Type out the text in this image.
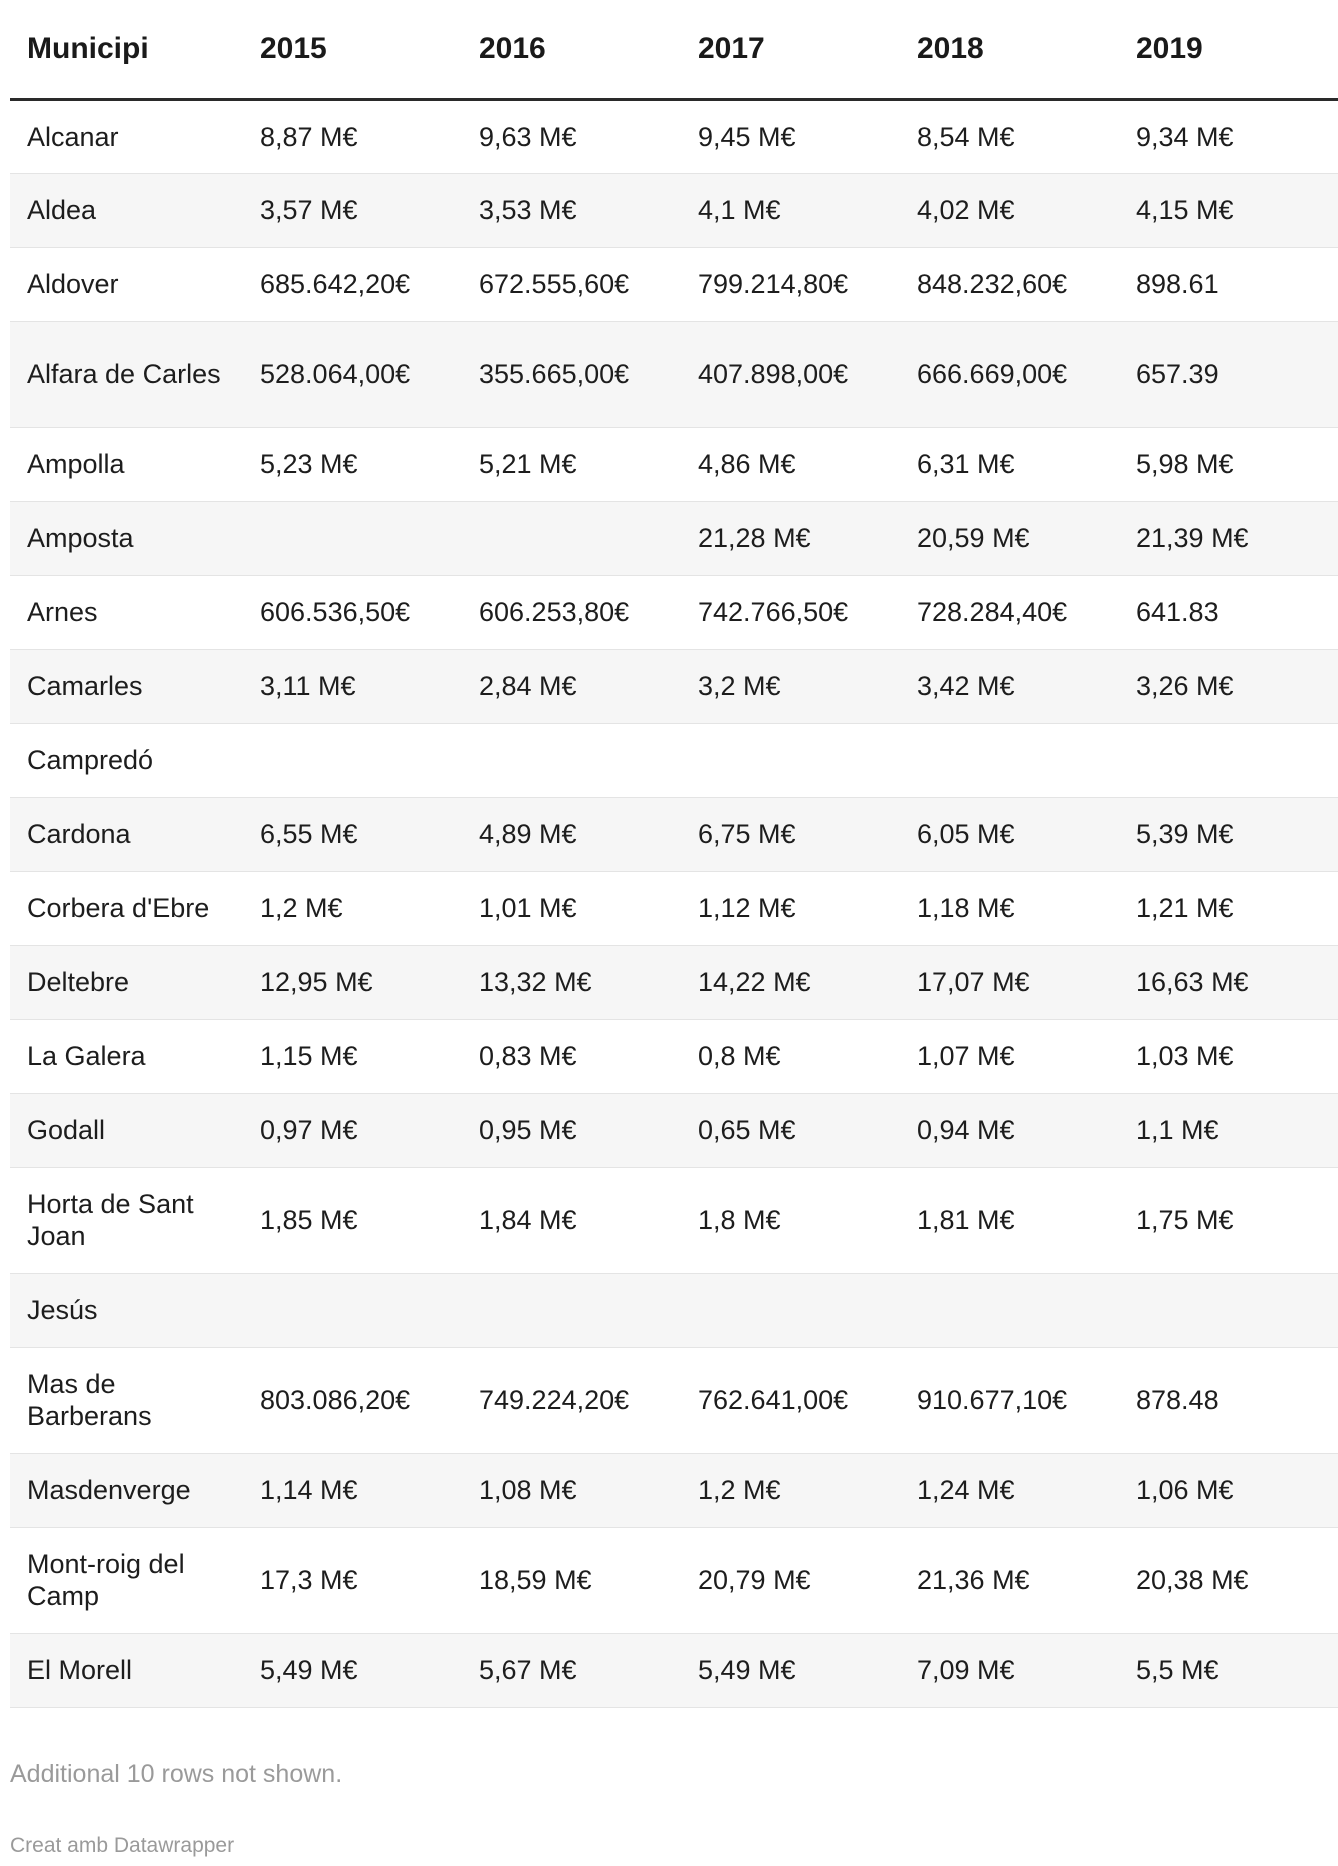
Municipi	2015	2016	2017	2018	2019
Alcanar	8,87 M€	9,63 M€	9,45 M€	8,54 M€	9,34 M€
Aldea	3,57 M€	3,53 M€	4,1 M€	4,02 M€	4,15 M€
Aldover	685.642,20€	672.555,60€	799.214,80€	848.232,60€	898.61
Alfara de Carles	528.064,00€	355.665,00€	407.898,00€	666.669,00€	657.39
Ampolla	5,23 M€	5,21 M€	4,86 M€	6,31 M€	5,98 M€
Amposta			21,28 M€	20,59 M€	21,39 M€
Arnes	606.536,50€	606.253,80€	742.766,50€	728.284,40€	641.83
Camarles	3,11 M€	2,84 M€	3,2 M€	3,42 M€	3,26 M€
Campredó					
Cardona	6,55 M€	4,89 M€	6,75 M€	6,05 M€	5,39 M€
Corbera d'Ebre	1,2 M€	1,01 M€	1,12 M€	1,18 M€	1,21 M€
Deltebre	12,95 M€	13,32 M€	14,22 M€	17,07 M€	16,63 M€
La Galera	1,15 M€	0,83 M€	0,8 M€	1,07 M€	1,03 M€
Godall	0,97 M€	0,95 M€	0,65 M€	0,94 M€	1,1 M€
Horta de Sant Joan	1,85 M€	1,84 M€	1,8 M€	1,81 M€	1,75 M€
Jesús					
Mas de Barberans	803.086,20€	749.224,20€	762.641,00€	910.677,10€	878.48
Masdenverge	1,14 M€	1,08 M€	1,2 M€	1,24 M€	1,06 M€
Mont-roig del Camp	17,3 M€	18,59 M€	20,79 M€	21,36 M€	20,38 M€
El Morell	5,49 M€	5,67 M€	5,49 M€	7,09 M€	5,5 M€
Additional 10 rows not shown.
Creat amb Datawrapper
